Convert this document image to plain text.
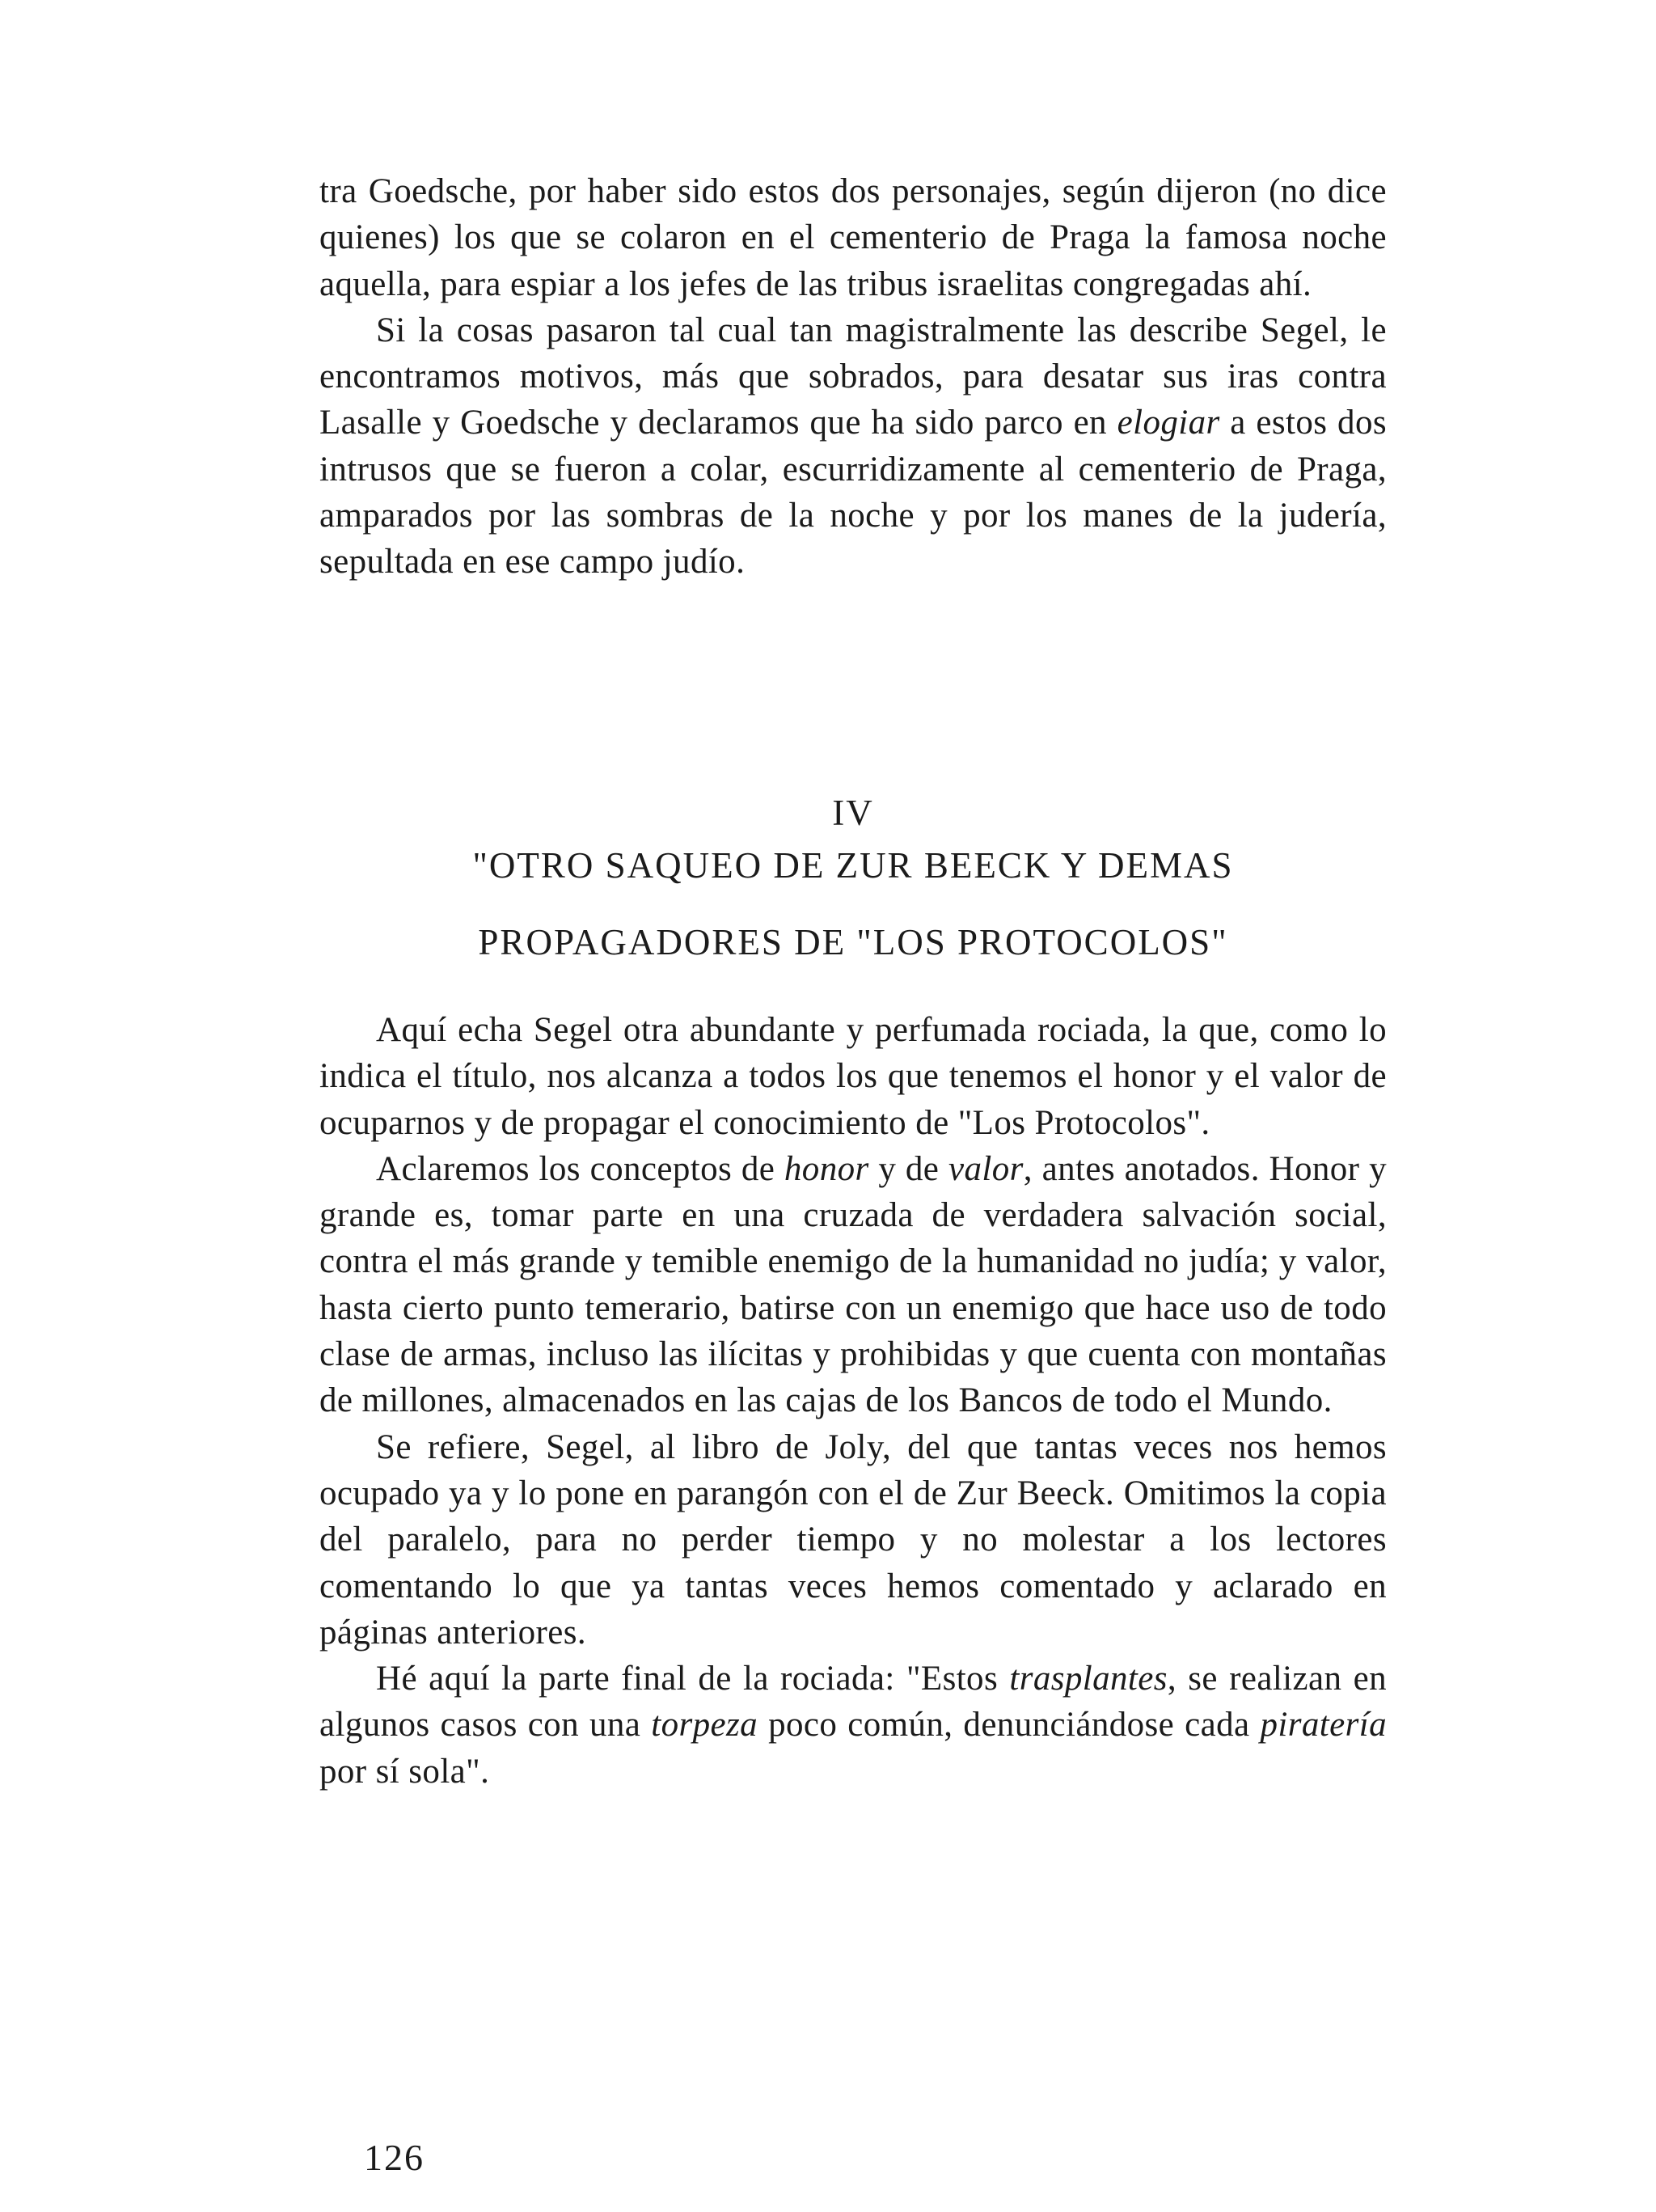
tra Goedsche, por haber sido estos dos personajes, según dijeron (no dice quienes) los que se colaron en el cementerio de Praga la famosa noche aquella, para espiar a los jefes de las tribus israelitas congregadas ahí.

Si la cosas pasaron tal cual tan magistralmente las describe Segel, le encontramos motivos, más que sobrados, para desatar sus iras contra Lasalle y Goedsche y declaramos que ha sido parco en elogiar a estos dos intrusos que se fueron a colar, escurridizamente al cementerio de Praga, amparados por las sombras de la noche y por los manes de la judería, sepultada en ese campo judío.

IV
"OTRO SAQUEO DE ZUR BEECK Y DEMAS
PROPAGADORES DE "LOS PROTOCOLOS"

Aquí echa Segel otra abundante y perfumada rociada, la que, como lo indica el título, nos alcanza a todos los que tenemos el honor y el valor de ocuparnos y de propagar el conocimiento de "Los Protocolos".

Aclaremos los conceptos de honor y de valor, antes anotados. Honor y grande es, tomar parte en una cruzada de verdadera salvación social, contra el más grande y temible enemigo de la humanidad no judía; y valor, hasta cierto punto temerario, batirse con un enemigo que hace uso de todo clase de armas, incluso las ilícitas y prohibidas y que cuenta con montañas de millones, almacenados en las cajas de los Bancos de todo el Mundo.

Se refiere, Segel, al libro de Joly, del que tantas veces nos hemos ocupado ya y lo pone en parangón con el de Zur Beeck. Omitimos la copia del paralelo, para no perder tiempo y no molestar a los lectores comentando lo que ya tantas veces hemos comentado y aclarado en páginas anteriores.

Hé aquí la parte final de la rociada: "Estos trasplantes, se realizan en algunos casos con una torpeza poco común, denunciándose cada piratería por sí sola".

126
